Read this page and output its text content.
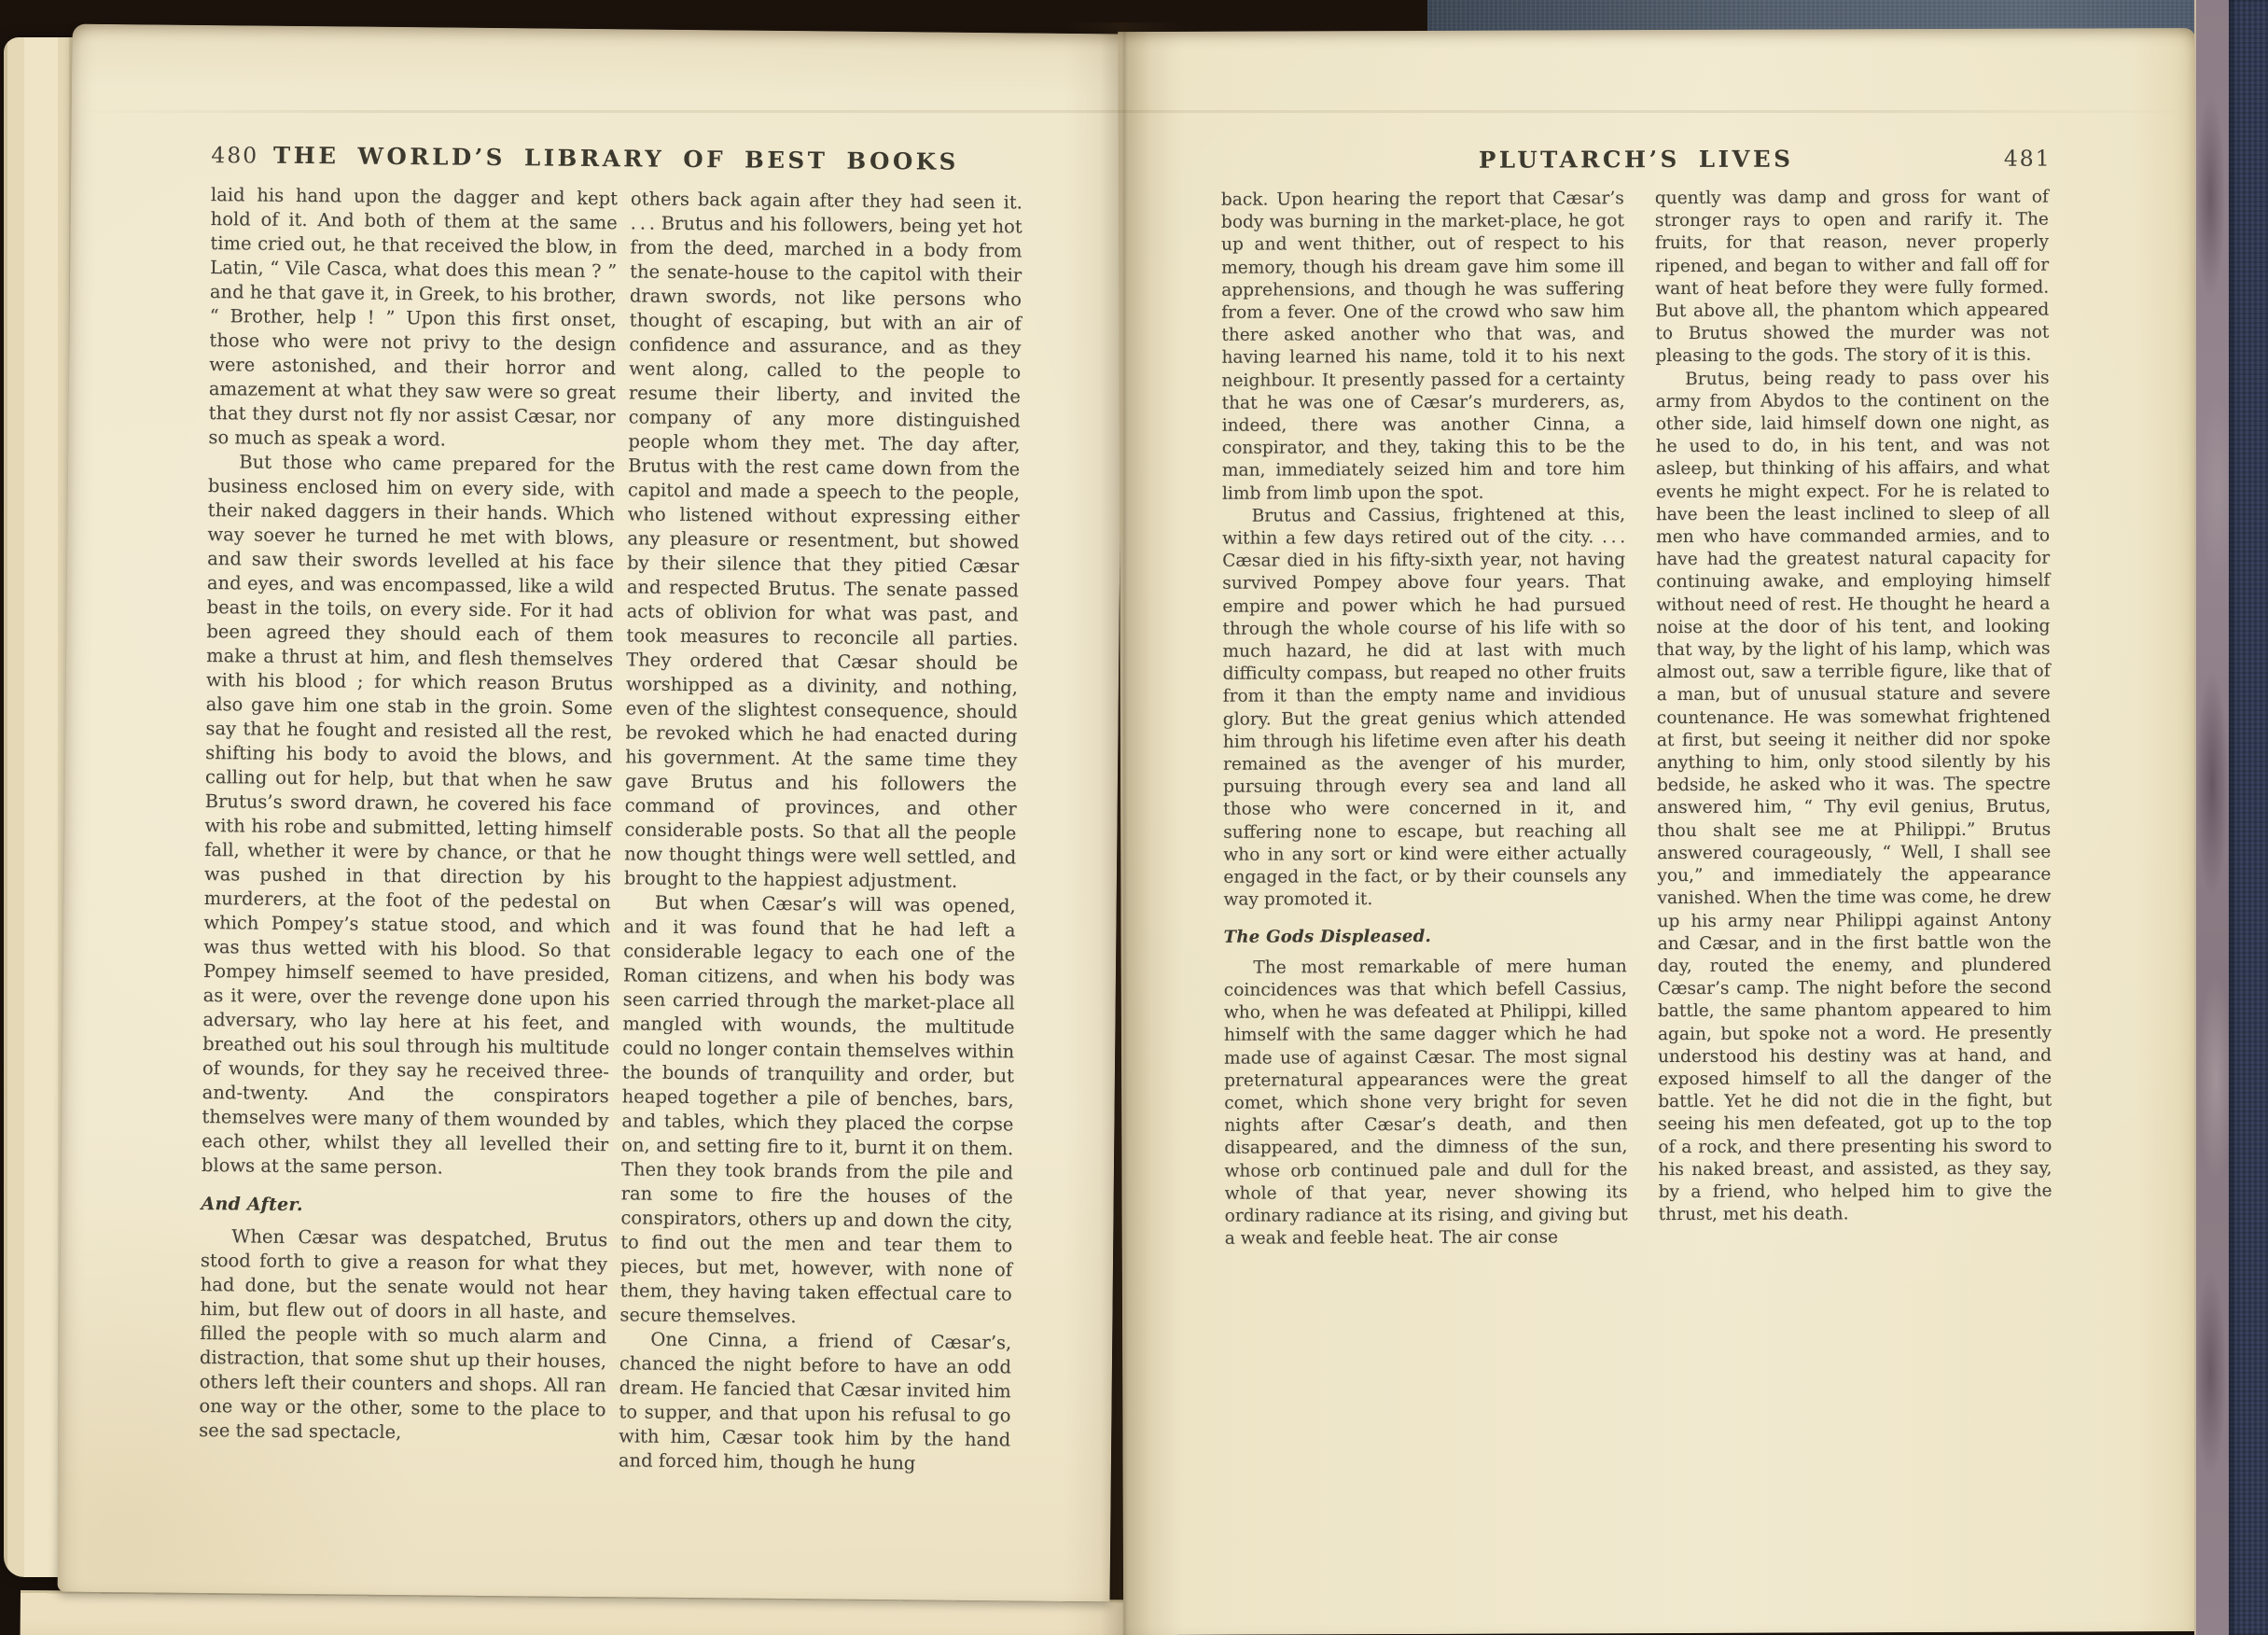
480 THE WORLD’S LIBRARY OF BEST BOOKS

laid his hand upon the dagger and kept hold of it. And both of them at the same time cried out, he that received the blow, in Latin, “ Vile Casca, what does this mean ? ” and he that gave it, in Greek, to his brother, “ Brother, help ! ” Upon this first onset, those who were not privy to the design were astonished, and their horror and amazement at what they saw were so great that they durst not fly nor assist Cæsar, nor so much as speak a word.

But those who came prepared for the business enclosed him on every side, with their naked daggers in their hands. Which way soever he turned he met with blows, and saw their swords levelled at his face and eyes, and was encompassed, like a wild beast in the toils, on every side. For it had been agreed they should each of them make a thrust at him, and flesh themselves with his blood ; for which reason Brutus also gave him one stab in the groin. Some say that he fought and resisted all the rest, shifting his body to avoid the blows, and calling out for help, but that when he saw Brutus’s sword drawn, he covered his face with his robe and submitted, letting himself fall, whether it were by chance, or that he was pushed in that direction by his murderers, at the foot of the pedestal on which Pompey’s statue stood, and which was thus wetted with his blood. So that Pompey himself seemed to have presided, as it were, over the revenge done upon his adversary, who lay here at his feet, and breathed out his soul through his multitude of wounds, for they say he received three-and-twenty. And the conspirators themselves were many of them wounded by each other, whilst they all levelled their blows at the same person.

And After.

When Cæsar was despatched, Brutus stood forth to give a reason for what they had done, but the senate would not hear him, but flew out of doors in all haste, and filled the people with so much alarm and distraction, that some shut up their houses, others left their counters and shops. All ran one way or the other, some to the place to see the sad spectacle,

others back again after they had seen it. . . . Brutus and his followers, being yet hot from the deed, marched in a body from the senate-house to the capitol with their drawn swords, not like persons who thought of escaping, but with an air of confidence and assurance, and as they went along, called to the people to resume their liberty, and invited the company of any more distinguished people whom they met. The day after, Brutus with the rest came down from the capitol and made a speech to the people, who listened without expressing either any pleasure or resentment, but showed by their silence that they pitied Cæsar and respected Brutus. The senate passed acts of oblivion for what was past, and took measures to reconcile all parties. They ordered that Cæsar should be worshipped as a divinity, and nothing, even of the slightest consequence, should be revoked which he had enacted during his government. At the same time they gave Brutus and his followers the command of provinces, and other considerable posts. So that all the people now thought things were well settled, and brought to the happiest adjustment.

But when Cæsar’s will was opened, and it was found that he had left a considerable legacy to each one of the Roman citizens, and when his body was seen carried through the market-place all mangled with wounds, the multitude could no longer contain themselves within the bounds of tranquility and order, but heaped together a pile of benches, bars, and tables, which they placed the corpse on, and setting fire to it, burnt it on them. Then they took brands from the pile and ran some to fire the houses of the conspirators, others up and down the city, to find out the men and tear them to pieces, but met, however, with none of them, they having taken effectual care to secure themselves.

One Cinna, a friend of Cæsar’s, chanced the night before to have an odd dream. He fancied that Cæsar invited him to supper, and that upon his refusal to go with him, Cæsar took him by the hand and forced him, though he hung

PLUTARCH’S LIVES	481

back. Upon hearing the report that Cæsar’s body was burning in the market-place, he got up and went thither, out of respect to his memory, though his dream gave him some ill apprehensions, and though he was suffering from a fever. One of the crowd who saw him there asked another who that was, and having learned his name, told it to his next neighbour. It presently passed for a certainty that he was one of Cæsar’s murderers, as, indeed, there was another Cinna, a conspirator, and they, taking this to be the man, immediately seized him and tore him limb from limb upon the spot.

Brutus and Cassius, frightened at this, within a few days retired out of the city. . . . Cæsar died in his fifty-sixth year, not having survived Pompey above four years. That empire and power which he had pursued through the whole course of his life with so much hazard, he did at last with much difficulty compass, but reaped no other fruits from it than the empty name and invidious glory. But the great genius which attended him through his lifetime even after his death remained as the avenger of his murder, pursuing through every sea and land all those who were concerned in it, and suffering none to escape, but reaching all who in any sort or kind were either actually engaged in the fact, or by their counsels any way promoted it.

The Gods Displeased.

The most remarkable of mere human coincidences was that which befell Cassius, who, when he was defeated at Philippi, killed himself with the same dagger which he had made use of against Cæsar. The most signal preternatural appearances were the great comet, which shone very bright for seven nights after Cæsar’s death, and then disappeared, and the dimness of the sun, whose orb continued pale and dull for the whole of that year, never showing its ordinary radiance at its rising, and giving but a weak and feeble heat. The air conse

quently was damp and gross for want of stronger rays to open and rarify it. The fruits, for that reason, never properly ripened, and began to wither and fall off for want of heat before they were fully formed. But above all, the phantom which appeared to Brutus showed the murder was not pleasing to the gods. The story of it is this.

Brutus, being ready to pass over his army from Abydos to the continent on the other side, laid himself down one night, as he used to do, in his tent, and was not asleep, but thinking of his affairs, and what events he might expect. For he is related to have been the least inclined to sleep of all men who have commanded armies, and to have had the greatest natural capacity for continuing awake, and employing himself without need of rest. He thought he heard a noise at the door of his tent, and looking that way, by the light of his lamp, which was almost out, saw a terrible figure, like that of a man, but of unusual stature and severe countenance. He was somewhat frightened at first, but seeing it neither did nor spoke anything to him, only stood silently by his bedside, he asked who it was. The spectre answered him, “ Thy evil genius, Brutus, thou shalt see me at Philippi.” Brutus answered courageously, “ Well, I shall see you,” and immediately the appearance vanished. When the time was come, he drew up his army near Philippi against Antony and Cæsar, and in the first battle won the day, routed the enemy, and plundered Cæsar’s camp. The night before the second battle, the same phantom appeared to him again, but spoke not a word. He presently understood his destiny was at hand, and exposed himself to all the danger of the battle. Yet he did not die in the fight, but seeing his men defeated, got up to the top of a rock, and there presenting his sword to his naked breast, and assisted, as they say, by a friend, who helped him to give the thrust, met his death.
